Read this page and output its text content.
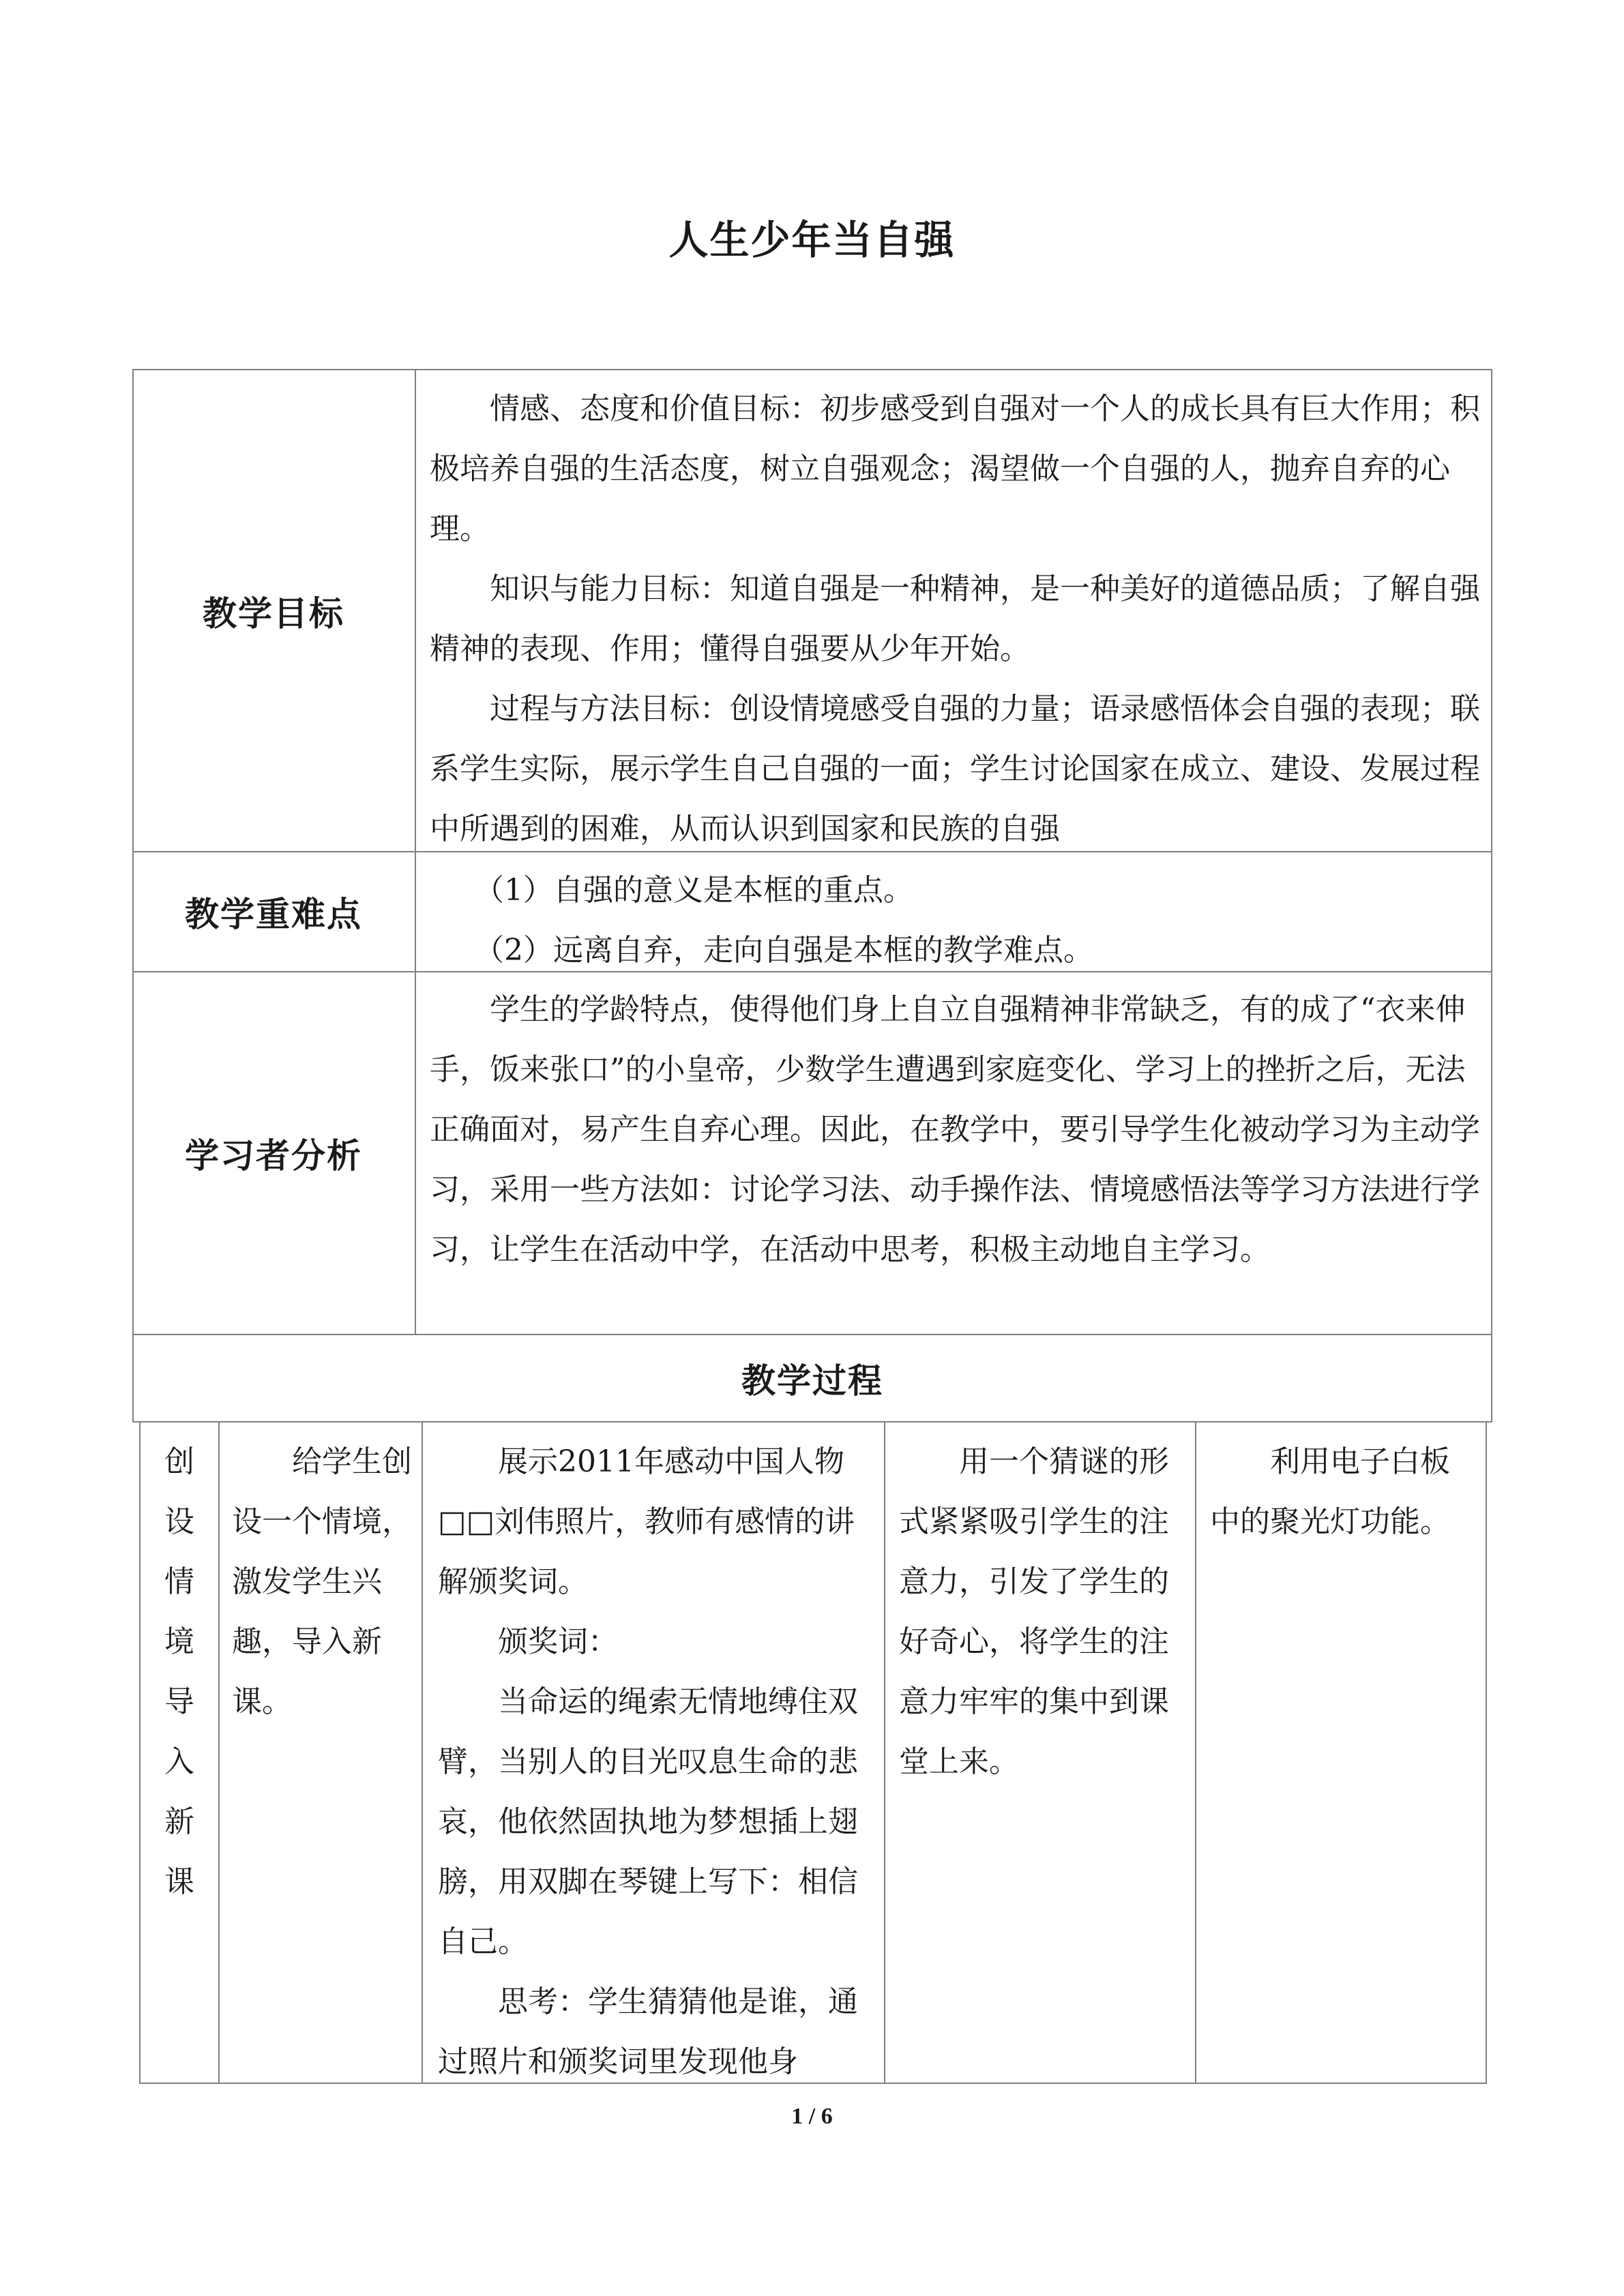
人生少年当自强
教学目标

情感、态度和价值目标：初步感受到自强对一个人的成长具有巨大作用；积极培养自强的生活态度，树立自强观念；渴望做一个自强的人，抛弃自弃的心理。

知识与能力目标：知道自强是一种精神，是一种美好的道德品质；了解自强精神的表现、作用；懂得自强要从少年开始。

过程与方法目标：创设情境感受自强的力量；语录感悟体会自强的表现；联系学生实际，展示学生自己自强的一面；学生讨论国家在成立、建设、发展过程中所遇到的困难，从而认识到国家和民族的自强

教学重难点

（1）自强的意义是本框的重点。

（2）远离自弃，走向自强是本框的教学难点。

学习者分析

学生的学龄特点，使得他们身上自立自强精神非常缺乏，有的成了“衣来伸手，饭来张口”的小皇帝，少数学生遭遇到家庭变化、学习上的挫折之后，无法正确面对，易产生自弃心理。因此，在教学中，要引导学生化被动学习为主动学习，采用一些方法如：讨论学习法、动手操作法、情境感悟法等学习方法进行学习，让学生在活动中学，在活动中思考，积极主动地自主学习。

教学过程
创
设
情
境
导
入
新
课

给学生创设一个情境，激发学生兴趣，导入新课。

展示2011年感动中国人物□□刘伟照片，教师有感情的讲解颁奖词。

颁奖词：

当命运的绳索无情地缚住双臂，当别人的目光叹息生命的悲哀，他依然固执地为梦想插上翅膀，用双脚在琴键上写下：相信自己。

思考：学生猜猜他是谁，通过照片和颁奖词里发现他身

用一个猜谜的形式紧紧吸引学生的注意力，引发了学生的好奇心，将学生的注意力牢牢的集中到课堂上来。

利用电子白板中的聚光灯功能。

1 / 6
